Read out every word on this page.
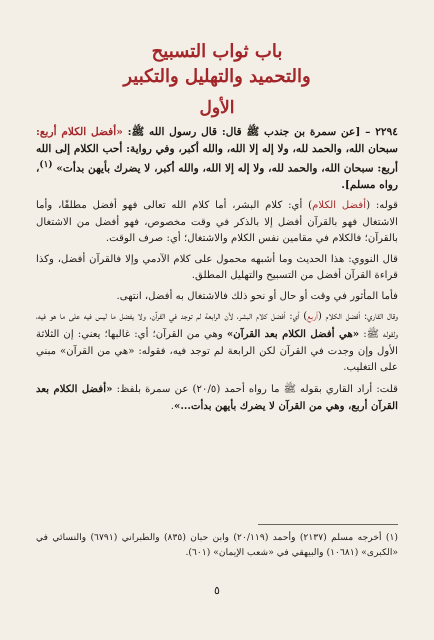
باب ثواب التسبيح
والتحميد والتهليل والتكبير
الأول

٢٢٩٤ – [عن سمرة بن جندب ﷺ قال: قال رسول الله ﷺ: «أفضل الكلام أربع: سبحان الله، والحمد لله، ولا إله إلا الله، والله أكبر، وفي رواية: أحب الكلام إلى الله أربع: سبحان الله، والحمد لله، ولا إله إلا الله، والله أكبر، لا يضرك بأيهن بدأت» $^{(١)}$، رواه مسلم].

قوله: (أفضل الكلام) أي: كلام البشر، أما كلام الله تعالى فهو أفضل مطلقًا، وأما الاشتغال فهو بالقرآن أفضل إلا بالذكر في وقت مخصوص، فهو أفضل من الاشتغال بالقرآن؛ فالكلام في مقامين نفس الكلام والاشتغال؛ أي: صرف الوقت.

قال النووي: هذا الحديث وما أشبهه محمول على كلام الآدمي وإلا فالقرآن أفضل، وكذا قراءة القرآن أفضل من التسبيح والتهليل المطلق.

فأما المأثور في وقت أو حال أو نحو ذلك فالاشتغال به أفضل، انتهى.

وقال القاري: أفضل الكلام (أربع) أي: أفضل كلام البشر، لأن الرابعة لم توجد في القرآن، ولا يفضل ما ليس فيه على ما هو فيه، ولقوله ﷺ: «هي أفضل الكلام بعد القرآن» وهي من القرآن؛ أي: غالبها؛ يعني: إن الثلاثة الأول وإن وجدت في القرآن لكن الرابعة لم توجد فيه، فقوله: «هي من القرآن» مبني على التغليب.

قلت: أراد القاري بقوله ﷺ ما رواه أحمد (٢٠/٥) عن سمرة بلفظ: «أفضل الكلام بعد القرآن أربع، وهي من القرآن لا يضرك بأيهن بدأت...».

(١) أخرجه مسلم (٢١٣٧) وأحمد (٢٠/١١٩) وابن حبان (٨٣٥) والطبراني (٦٧٩١) والنسائي في «الكبرى» (١٠٦٨١) والبيهقي في «شعب الإيمان» (٦٠١).
٥
